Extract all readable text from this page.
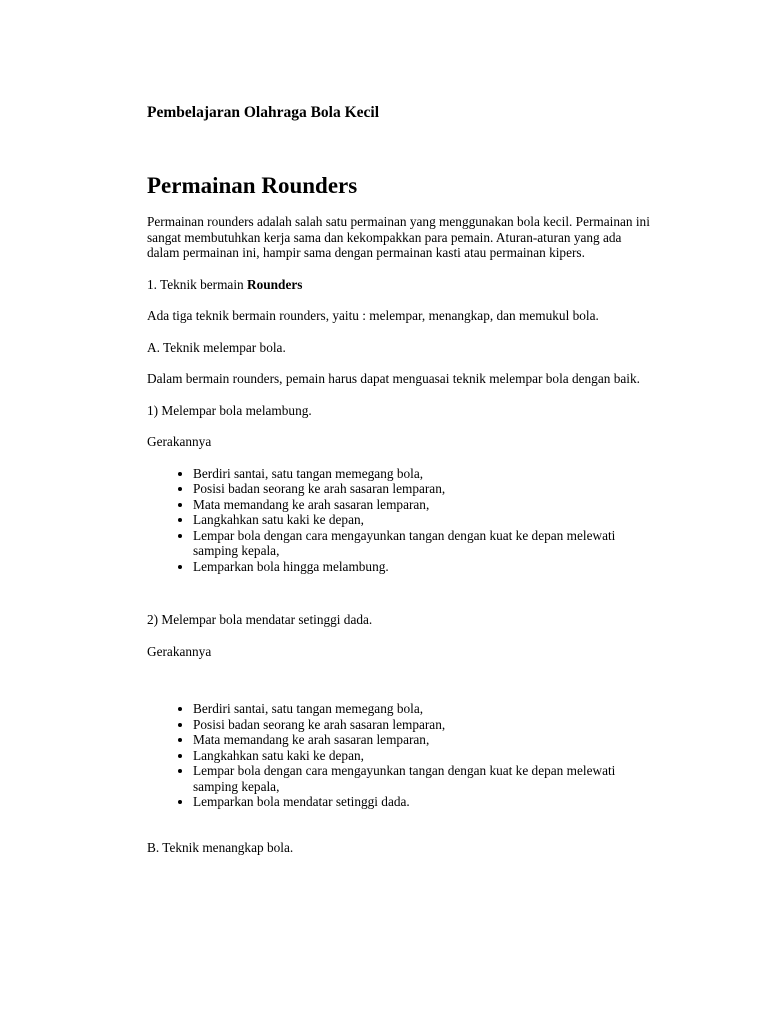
Pembelajaran Olahraga Bola Kecil
Permainan Rounders

Permainan rounders adalah salah satu permainan yang menggunakan bola kecil. Permainan ini sangat membutuhkan kerja sama dan kekompakkan para pemain. Aturan-aturan yang ada dalam permainan ini, hampir sama dengan permainan kasti atau permainan kipers.

1. Teknik bermain Rounders

Ada tiga teknik bermain rounders, yaitu : melempar, menangkap, dan memukul bola.

A. Teknik melempar bola.

Dalam bermain rounders, pemain harus dapat menguasai teknik melempar bola dengan baik.

1) Melempar bola melambung.

Gerakannya

• Berdiri santai, satu tangan memegang bola,
• Posisi badan seorang ke arah sasaran lemparan,
• Mata memandang ke arah sasaran lemparan,
• Langkahkan satu kaki ke depan,
• Lempar bola dengan cara mengayunkan tangan dengan kuat ke depan melewati samping kepala,
• Lemparkan bola hingga melambung.

2) Melempar bola mendatar setinggi dada.

Gerakannya

• Berdiri santai, satu tangan memegang bola,
• Posisi badan seorang ke arah sasaran lemparan,
• Mata memandang ke arah sasaran lemparan,
• Langkahkan satu kaki ke depan,
• Lempar bola dengan cara mengayunkan tangan dengan kuat ke depan melewati samping kepala,
• Lemparkan bola mendatar setinggi dada.

B. Teknik menangkap bola.
